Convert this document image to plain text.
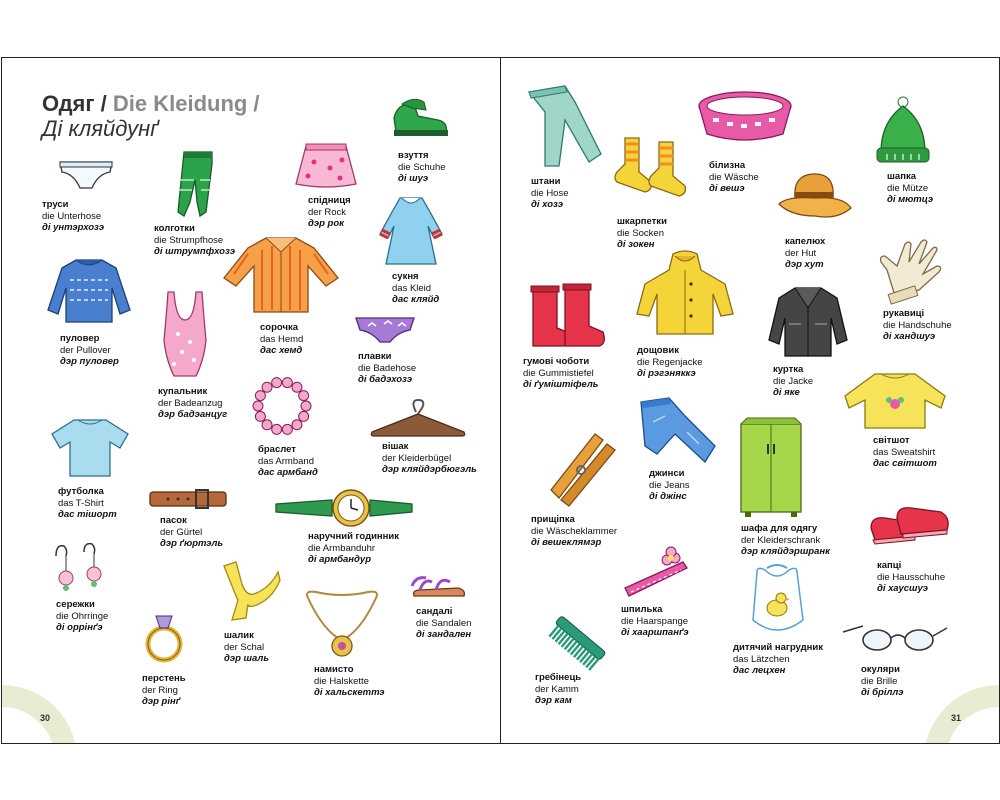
Одяг / Die Kleidung /
Ді кляйдунґ
труси
die Unterhose
ді унтэрхозэ	колготки
die Strumpfhose
ді штрумпфхозэ
спідниця
der Rock
дэр рок
взуття
die Schuhe
ді шуэ
сукня
das Kleid
дас кляйд
пуловер
der Pullover
дэр пуловер
купальник
der Badeanzug
дэр бадэанцуг
сорочка
das Hemd
дас хемд
плавки
die Badehose
ді бадэхозэ
футболка
das T-Shirt
дас тішорт
браслет
das Armband
дас армбанд
вішак
der Kleiderbügel
дэр кляйдэрбюгэль
пасок
der Gürtel
дэр ґюртэль
наручний годинник
die Armbanduhr
ді армбандур
сережки
die Ohrringe
ді оррінґэ
шалик
der Schal
дэр шаль
сандалі
die Sandalen
ді зандален
перстень
der Ring
дэр рінґ
намисто
die Halskette
ді хальскеттэ
30
штани
die Hose
ді хозэ
шкарпетки
die Socken
ді зокен
білизна
die Wäsche
ді вешэ
капелюх
der Hut
дэр хут
шапка
die Mütze
ді мютцэ
рукавиці
die Handschuhe
ді хандшуэ
гумові чоботи
die Gummistiefel
ді ґуміштіфель
дощовик
die Regenjacke
ді рэгэняккэ	куртка
die Jacke
ді яке
світшот
das Sweatshirt
дас світшот
джинси
die Jeans
ді джінс
прищіпка
die Wäscheklammer
ді вешеклямэр
шафа для одягу
der Kleiderschrank
дэр кляйдэршранк
капці
die Hausschuhe
ді хаусшуэ
шпилька
die Haarspange
ді хааршпанґэ
дитячий нагрудник
das Lätzchen
дас лецхен
гребінець
der Kamm
дэр кам
окуляри
die Brille
ді бріллэ
31
